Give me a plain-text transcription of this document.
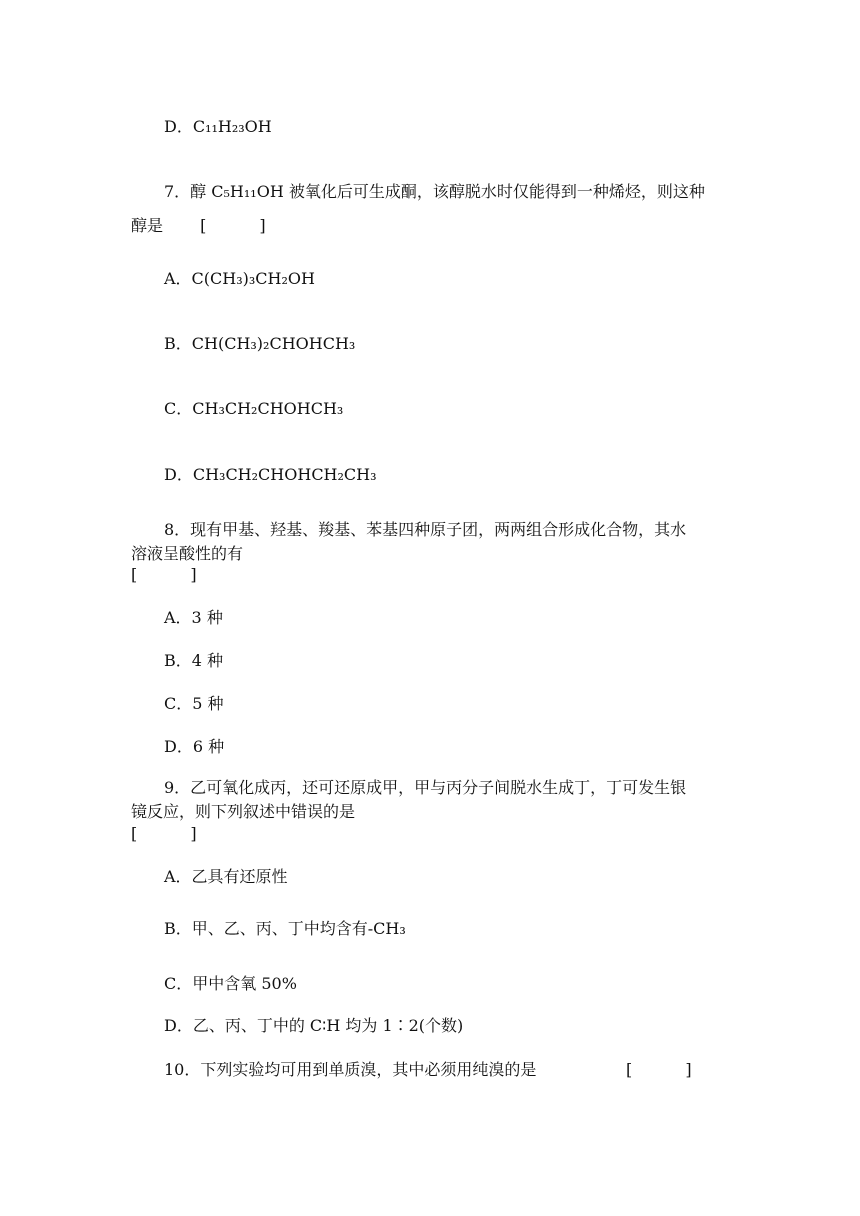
D．C₁₁H₂₃OH
7．醇 C₅H₁₁OH 被氧化后可生成酮，该醇脱水时仅能得到一种烯烃，则这种
醇是　　 [　　　 ]
A．C(CH₃)₃CH₂OH
B．CH(CH₃)₂CHOHCH₃
C．CH₃CH₂CHOHCH₃
D．CH₃CH₂CHOHCH₂CH₃
8．现有甲基、羟基、羧基、苯基四种原子团，两两组合形成化合物，其水
溶液呈酸性的有
[　　　 ]
A．3 种
B．4 种
C．5 种
D．6 种
9．乙可氧化成丙，还可还原成甲，甲与丙分子间脱水生成丁，丁可发生银
镜反应，则下列叙述中错误的是
[　　　 ]
A．乙具有还原性
B．甲、乙、丙、丁中均含有-CH₃
C．甲中含氧 50%
D．乙、丙、丁中的 C∶H 均为 1∶2(个数)
10．下列实验均可用到单质溴，其中必须用纯溴的是	[　　　 ]
